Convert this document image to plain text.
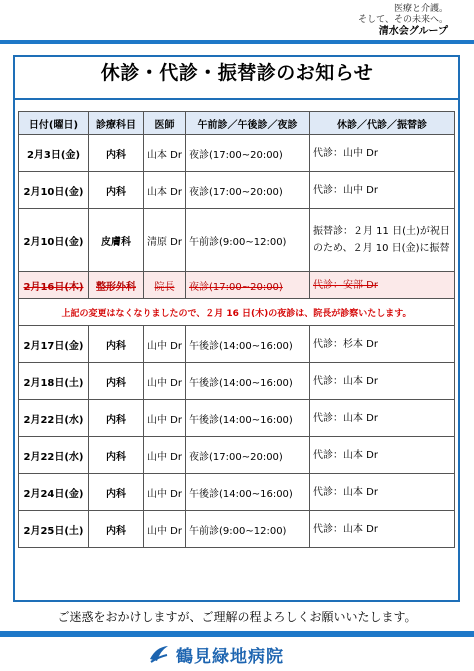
医療と介護。
そして、その未来へ。
清水会グループ
休診・代診・振替診のお知らせ
日付(曜日)	診療科目	医師	午前診／午後診／夜診	休診／代診／振替診
2月3日(金)	内科	山本 Dr	夜診(17:00~20:00)	代診：山中 Dr
2月10日(金)	内科	山本 Dr	夜診(17:00~20:00)	代診：山中 Dr
2月10日(金)	皮膚科	清原 Dr	午前診(9:00~12:00)	振替診：２月 11 日(土)が祝日のため、２月 10 日(金)に振替
2月16日(木)	整形外科	院長	夜診(17:00~20:00)	代診：安部 Dr
上記の変更はなくなりましたので、２月 16 日(木)の夜診は、院長が診察いたします。				
2月17日(金)	内科	山中 Dr	午後診(14:00~16:00)	代診：杉本 Dr
2月18日(土)	内科	山中 Dr	午後診(14:00~16:00)	代診：山本 Dr
2月22日(水)	内科	山中 Dr	午後診(14:00~16:00)	代診：山本 Dr
2月22日(水)	内科	山中 Dr	夜診(17:00~20:00)	代診：山本 Dr
2月24日(金)	内科	山中 Dr	午後診(14:00~16:00)	代診：山本 Dr
2月25日(土)	内科	山中 Dr	午前診(9:00~12:00)	代診：山本 Dr
ご迷惑をおかけしますが、ご理解の程よろしくお願いいたします。
鶴見緑地病院
